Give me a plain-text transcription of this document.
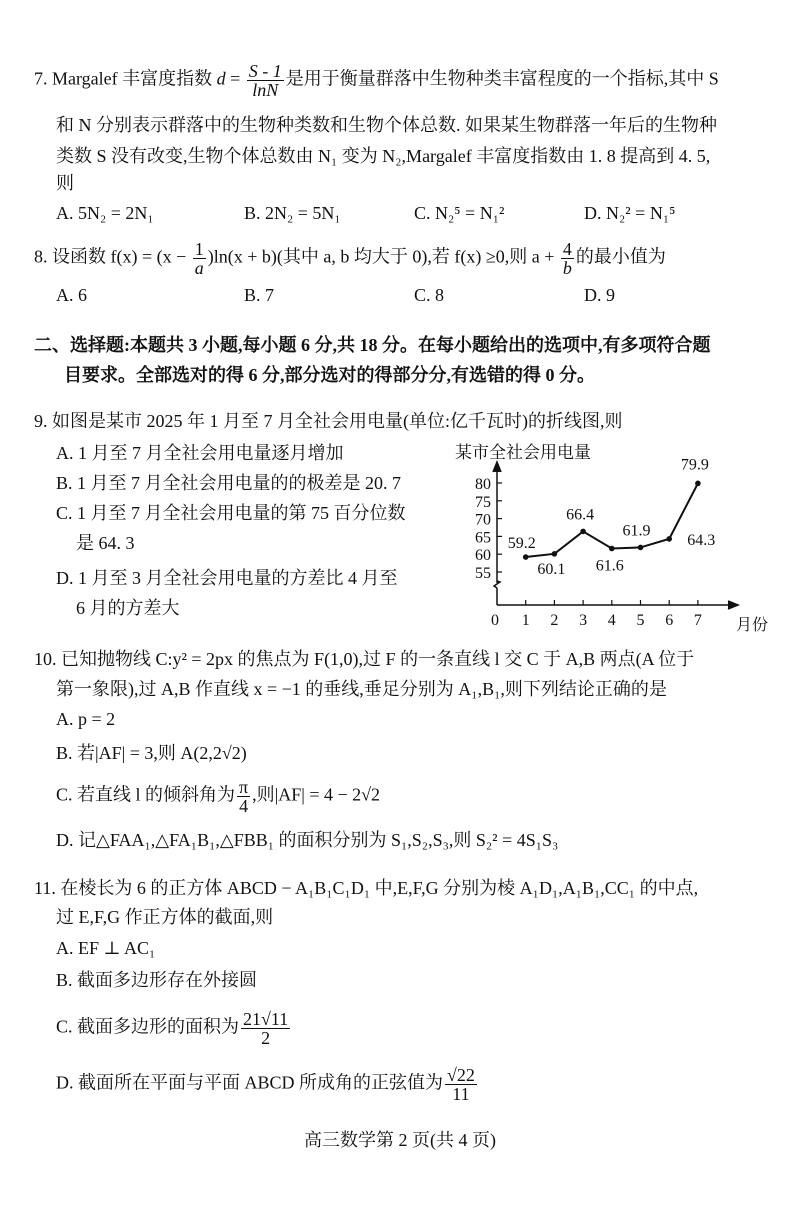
7. Margalef 丰富度指数 $d = \frac{S - 1}{\ln N}$ 是用于衡量群落中生物种类丰富程度的一个指标,其中 S
和 N 分别表示群落中的生物种类数和生物个体总数. 如果某生物群落一年后的生物种
类数 S 没有改变,生物个体总数由 N₁ 变为 N₂,Margalef 丰富度指数由 1. 8 提高到 4. 5,
则
A. 5N₂ = 2N₁	B. 2N₂ = 5N₁	C. N₂⁵ = N₁²	D. N₂² = N₁⁵
8. 设函数 $f(x) = (x - \frac{1}{a} )\ln(x + b)$(其中 a, b 均大于 0),若 f(x) ≥0,则 $a + \frac{4}{b}$ 的最小值为
A. 6	B. 7	C. 8	D. 9
二、选择题:本题共 3 小题,每小题 6 分,共 18 分。在每小题给出的选项中,有多项符合题
目要求。全部选对的得 6 分,部分选对的得部分分,有选错的得 0 分。
9. 如图是某市 2025 年 1 月至 7 月全社会用电量(单位:亿千瓦时)的折线图,则
A. 1 月至 7 月全社会用电量逐月增加
B. 1 月至 7 月全社会用电量的的极差是 20. 7
C. 1 月至 7 月全社会用电量的第 75 百分位数
是 64. 3
D. 1 月至 3 月全社会用电量的方差比 4 月至
6 月的方差大
某市全社会用电量
80
75
70
65
60
55
0 1 2 3 4 5 6 7
59.2
60.1
66.4
61.6
61.9
64.3
79.9
月份
10. 已知抛物线 C:y² = 2px 的焦点为 F(1,0),过 F 的一条直线 l 交 C 于 A,B 两点(A 位于
第一象限),过 A,B 作直线 x = −1 的垂线,垂足分别为 A₁,B₁,则下列结论正确的是
A. p = 2
B. 若|AF| = 3,则 A(2,2√2)
C. 若直线 l 的倾斜角为 $\frac{\pi}{4}$ ,则|AF| = 4 − 2√2
D. 记△FAA₁,△FA₁B₁,△FBB₁ 的面积分别为 S₁,S₂,S₃,则 S₂² = 4S₁S₃
11. 在棱长为 6 的正方体 ABCD − A₁B₁C₁D₁ 中,E,F,G 分别为棱 A₁D₁,A₁B₁,CC₁ 的中点,
过 E,F,G 作正方体的截面,则
A. EF ⊥ AC₁
B. 截面多边形存在外接圆
C. 截面多边形的面积为 $\frac{21√11}{2}$
D. 截面所在平面与平面 ABCD 所成角的正弦值为 $\frac{√22}{11}$
高三数学第 2 页(共 4 页)
